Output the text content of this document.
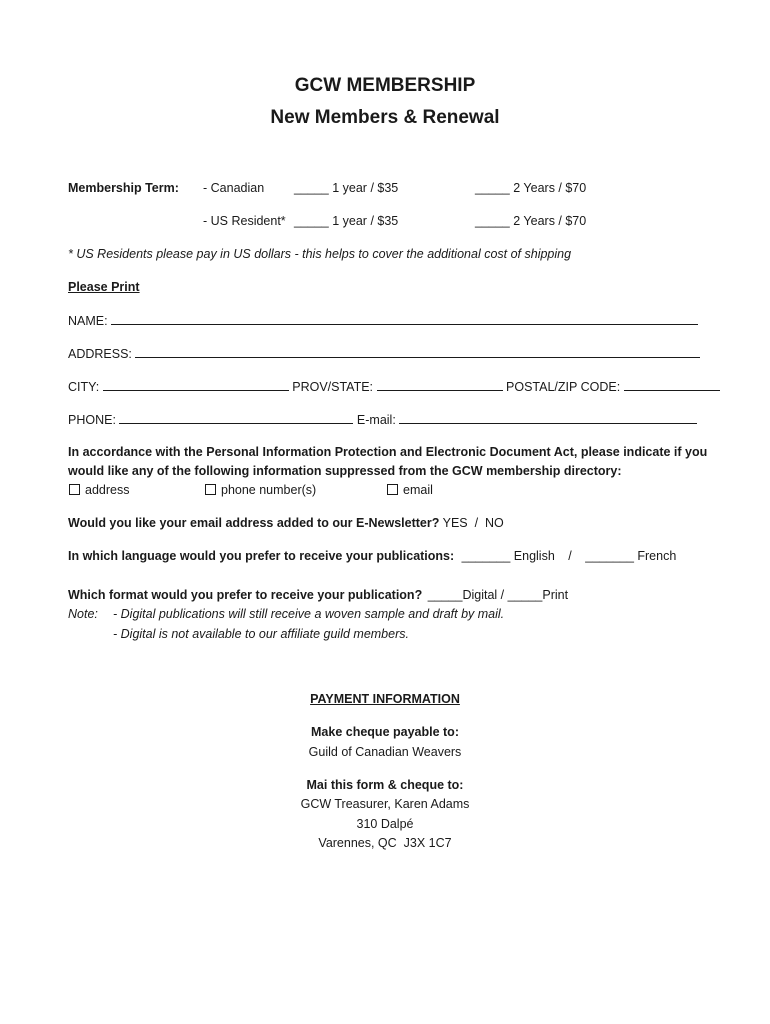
GCW MEMBERSHIP
New Members & Renewal
Membership Term: - Canadian _____ 1 year / $35	_____ 2 Years / $70
- US Resident* _____ 1 year / $35	_____ 2 Years / $70
* US Residents please pay in US dollars - this helps to cover the additional cost of shipping
Please Print
NAME:
ADDRESS:
CITY:	PROV/STATE:	POSTAL/ZIP CODE:
PHONE:	E-mail:
In accordance with the Personal Information Protection and Electronic Document Act, please indicate if you
would like any of the following information suppressed from the GCW membership directory:
address	phone number(s)	email
Would you like your email address added to our E-Newsletter? YES  /  NO
In which language would you prefer to receive your publications: _______ English / _______ French
Which format would you prefer to receive your publication? _____Digital / _____Print
Note: - Digital publications will still receive a woven sample and draft by mail.
- Digital is not available to our affiliate guild members.
PAYMENT INFORMATION
Make cheque payable to:
Guild of Canadian Weavers
Mai this form & cheque to:
GCW Treasurer, Karen Adams
310 Dalpé
Varennes, QC  J3X 1C7
